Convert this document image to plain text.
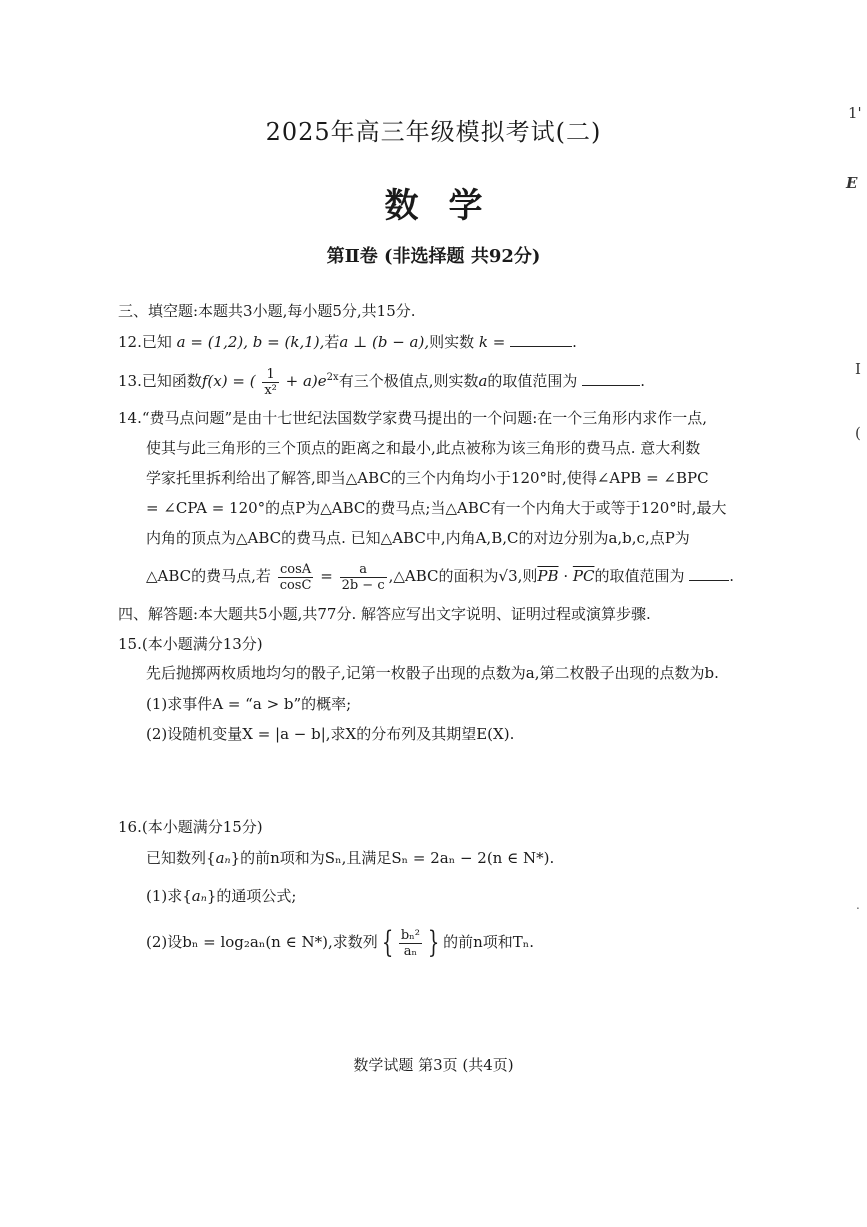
2025年高三年级模拟考试(二)
数学
第Ⅱ卷 (非选择题 共92分)
三、填空题:本题共3小题,每小题5分,共15分.
12.已知 a = (1,2), b = (k,1),若a ⊥ (b − a),则实数 k =	.
13.已知函数f(x) = ( $\frac{1}{\text{x²}} + a)e^{2x}$有三个极值点,则实数a的取值范围为	.
14.“费马点问题”是由十七世纪法国数学家费马提出的一个问题:在一个三角形内求作一点,
使其与此三角形的三个顶点的距离之和最小,此点被称为该三角形的费马点. 意大利数
学家托里拆利给出了解答,即当△ABC的三个内角均小于120°时,使得∠APB = ∠BPC
= ∠CPA = 120°的点P为△ABC的费马点;当△ABC有一个内角大于或等于120°时,最大
内角的顶点为△ABC的费马点. 已知△ABC中,内角A,B,C的对边分别为a,b,c,点P为
△ABC的费马点,若 $\frac{\cos A}{\cos C} = \frac{a}{2b - c}$ ,△ABC的面积为√3,则$\overline{PB} \cdot \overline{PC}$的取值范围为	.
四、解答题:本大题共5小题,共77分. 解答应写出文字说明、证明过程或演算步骤.
15.(本小题满分13分)
先后抛掷两枚质地均匀的骰子,记第一枚骰子出现的点数为a,第二枚骰子出现的点数为b.
(1)求事件A = “a > b”的概率;
(2)设随机变量X = |a − b|,求X的分布列及其期望E(X).
16.(本小题满分15分)
已知数列{aₙ}的前n项和为Sₙ,且满足Sₙ = 2aₙ − 2(n ∈ N*).
(1)求{aₙ}的通项公式;
(2)设bₙ = log₂aₙ(n ∈ N*),求数列 { $\frac{\text{bₙ²}}{\text{aₙ}}$ } 的前n项和Tₙ.
数学试题 第3页 (共4页)
1'
E
I
(
.
